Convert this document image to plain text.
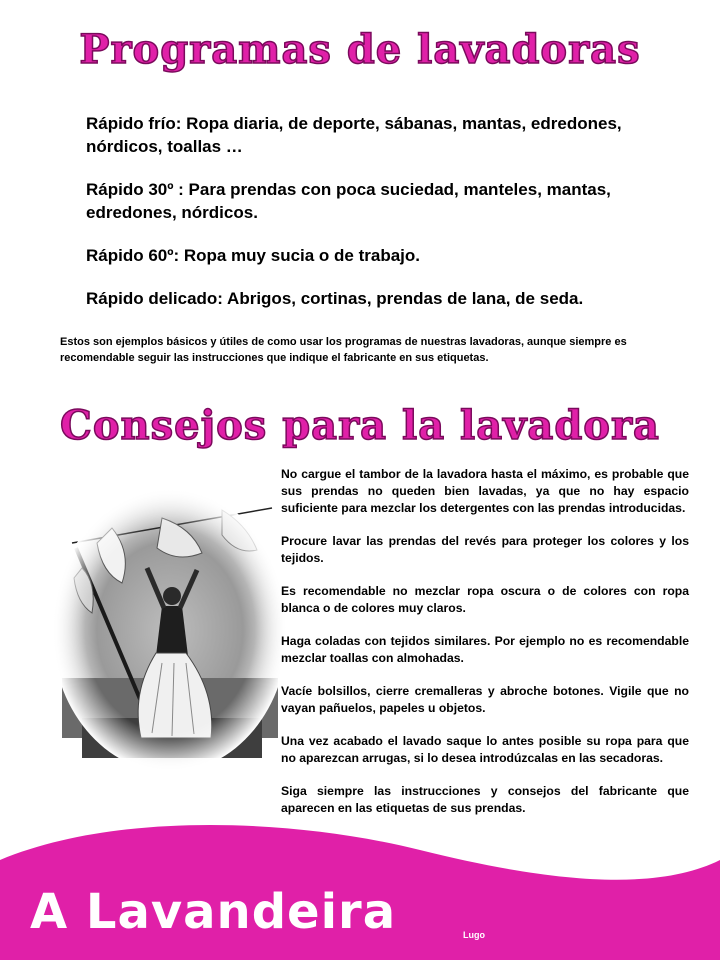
Programas de lavadoras

Rápido frío: Ropa diaria, de deporte, sábanas, mantas, edredones, nórdicos, toallas …

Rápido 30º : Para prendas con poca suciedad, manteles, mantas, edredones, nórdicos.

Rápido 60º: Ropa muy sucia o de trabajo.

Rápido delicado: Abrigos, cortinas, prendas de lana, de seda.

Estos son ejemplos básicos y útiles de como usar los programas de nuestras lavadoras, aunque siempre es recomendable seguir las instrucciones que indique el fabricante en sus etiquetas.
Consejos para la lavadora

No cargue el tambor de la lavadora hasta el máximo, es probable que sus prendas no queden bien lavadas, ya que no hay espacio suficiente para mezclar los detergentes con las prendas introducidas.

Procure lavar las prendas del revés para proteger los colores y los tejidos.

Es recomendable no mezclar ropa oscura o de colores con ropa blanca o de colores muy claros.

Haga coladas con tejidos similares. Por ejemplo no es recomendable mezclar toallas con almohadas.

Vacíe bolsillos, cierre cremalleras y abroche botones. Vigile que no vayan pañuelos, papeles u objetos.

Una vez acabado el lavado saque lo antes posible su ropa para que no aparezcan arrugas, si lo desea introdúzcalas en las secadoras.

Siga siempre las instrucciones y consejos del fabricante que aparecen en las etiquetas de sus prendas.

A Lavandeira	Lugo
